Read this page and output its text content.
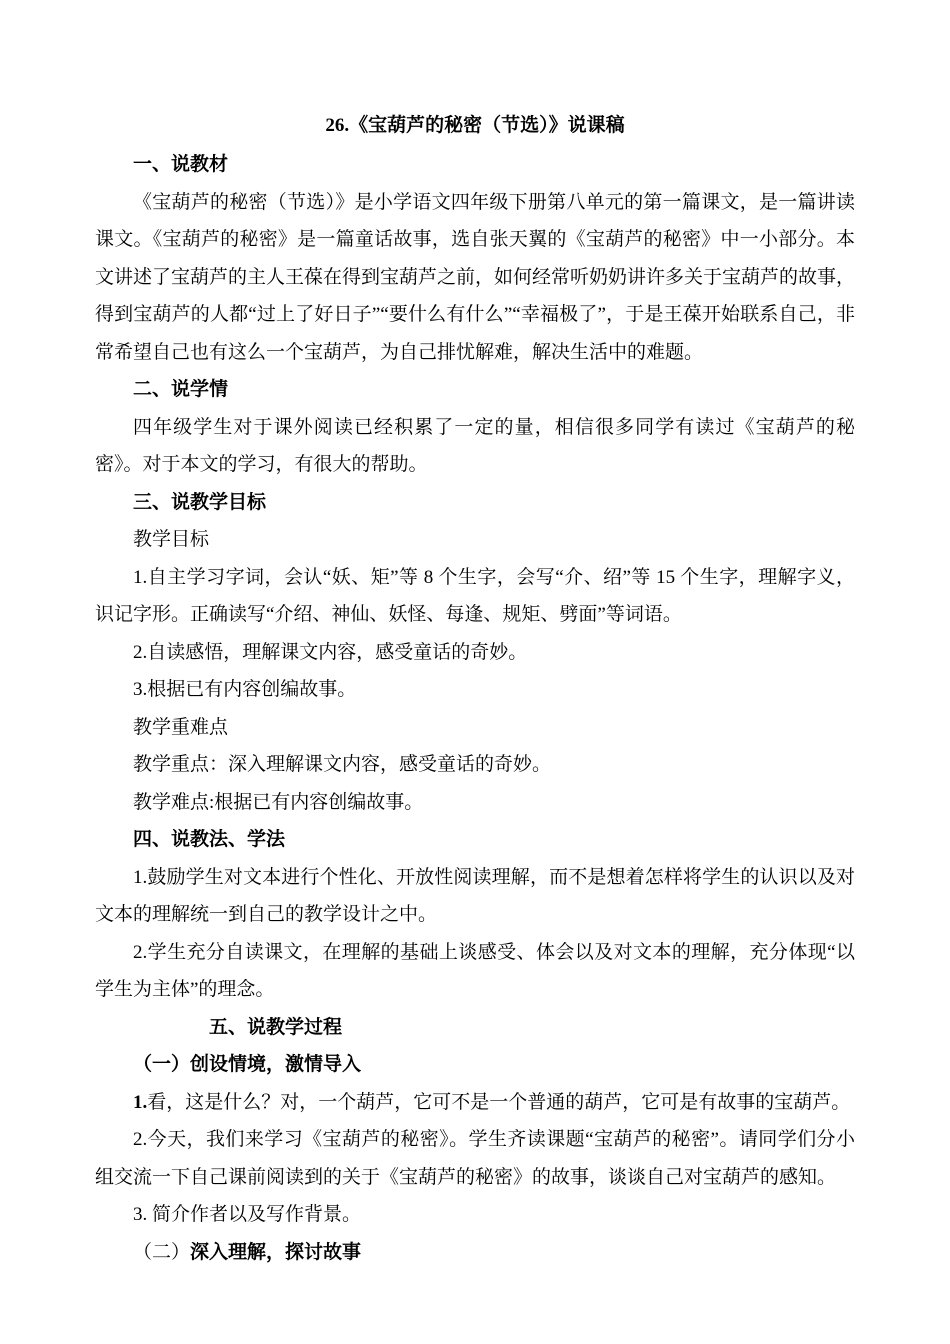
26.《宝葫芦的秘密（节选）》说课稿

一、说教材

《宝葫芦的秘密（节选）》是小学语文四年级下册第八单元的第一篇课文，是一篇讲读课文。《宝葫芦的秘密》是一篇童话故事，选自张天翼的《宝葫芦的秘密》中一小部分。本文讲述了宝葫芦的主人王葆在得到宝葫芦之前，如何经常听奶奶讲许多关于宝葫芦的故事，得到宝葫芦的人都“过上了好日子”“要什么有什么”“幸福极了”，于是王葆开始联系自己，非常希望自己也有这么一个宝葫芦，为自己排忧解难，解决生活中的难题。

二、说学情

四年级学生对于课外阅读已经积累了一定的量，相信很多同学有读过《宝葫芦的秘密》。对于本文的学习，有很大的帮助。

三、说教学目标

教学目标

1.自主学习字词，会认“妖、矩”等 8 个生字，会写“介、绍”等 15 个生字，理解字义，识记字形。正确读写“介绍、神仙、妖怪、每逢、规矩、劈面”等词语。

2.自读感悟，理解课文内容，感受童话的奇妙。

3.根据已有内容创编故事。

教学重难点

教学重点：深入理解课文内容，感受童话的奇妙。

教学难点:根据已有内容创编故事。

四、说教法、学法

1.鼓励学生对文本进行个性化、开放性阅读理解，而不是想着怎样将学生的认识以及对文本的理解统一到自己的教学设计之中。

2.学生充分自读课文，在理解的基础上谈感受、体会以及对文本的理解，充分体现“以学生为主体”的理念。

五、说教学过程

（一）创设情境，激情导入

1.看，这是什么？对，一个葫芦，它可不是一个普通的葫芦，它可是有故事的宝葫芦。

2.今天，我们来学习《宝葫芦的秘密》。学生齐读课题“宝葫芦的秘密”。请同学们分小组交流一下自己课前阅读到的关于《宝葫芦的秘密》的故事，谈谈自己对宝葫芦的感知。

3. 简介作者以及写作背景。

（二）深入理解，探讨故事
